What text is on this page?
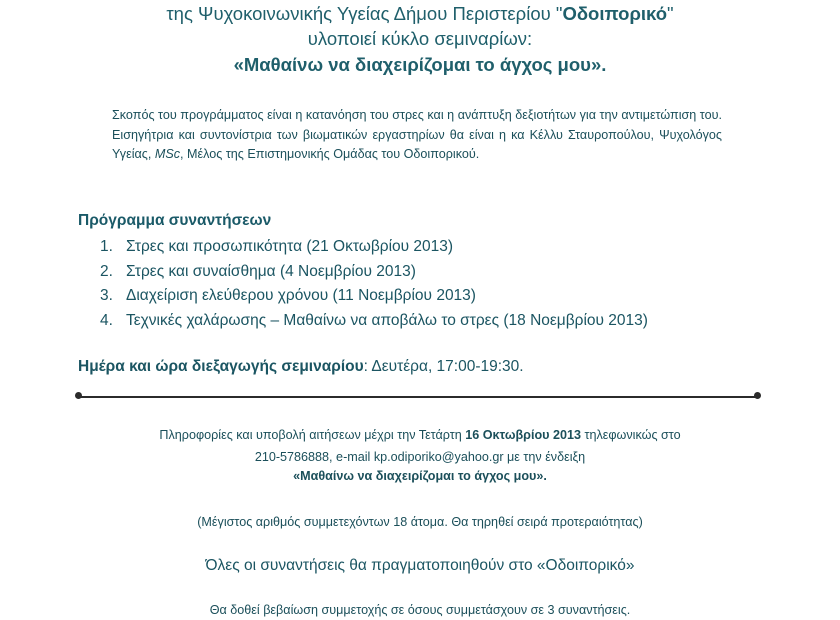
της Ψυχοκοινωνικής Υγείας Δήμου Περιστερίου "Οδοιπορικό"
υλοποιεί κύκλο σεμιναρίων:
«Μαθαίνω να διαχειρίζομαι το άγχος μου».
Σκοπός του προγράμματος είναι η κατανόηση του στρες και η ανάπτυξη δεξιοτήτων για την αντιμετώπιση του. Εισηγήτρια και συντονίστρια των βιωματικών εργαστηρίων θα είναι η κα Κέλλυ Σταυροπούλου, Ψυχολόγος Υγείας, MSc, Μέλος της Επιστημονικής Ομάδας του Οδοιπορικού.
Πρόγραμμα συναντήσεων
1. Στρες και προσωπικότητα (21 Οκτωβρίου 2013)
2. Στρες και συναίσθημα (4 Νοεμβρίου 2013)
3. Διαχείριση ελεύθερου χρόνου (11 Νοεμβρίου 2013)
4. Τεχνικές χαλάρωσης – Μαθαίνω να αποβάλω το στρες (18 Νοεμβρίου 2013)
Ημέρα και ώρα διεξαγωγής σεμιναρίου: Δευτέρα, 17:00-19:30.
Πληροφορίες και υποβολή αιτήσεων μέχρι την Τετάρτη 16 Οκτωβρίου 2013 τηλεφωνικώς στο
210-5786888, e-mail kp.odiporiko@yahoo.gr με την ένδειξη
«Μαθαίνω να διαχειρίζομαι το άγχος μου».
(Μέγιστος αριθμός συμμετεχόντων 18 άτομα. Θα τηρηθεί σειρά προτεραιότητας)
Όλες οι συναντήσεις θα πραγματοποιηθούν στο «Οδοιπορικό»
Θα δοθεί βεβαίωση συμμετοχής σε όσους συμμετάσχουν σε 3 συναντήσεις.
